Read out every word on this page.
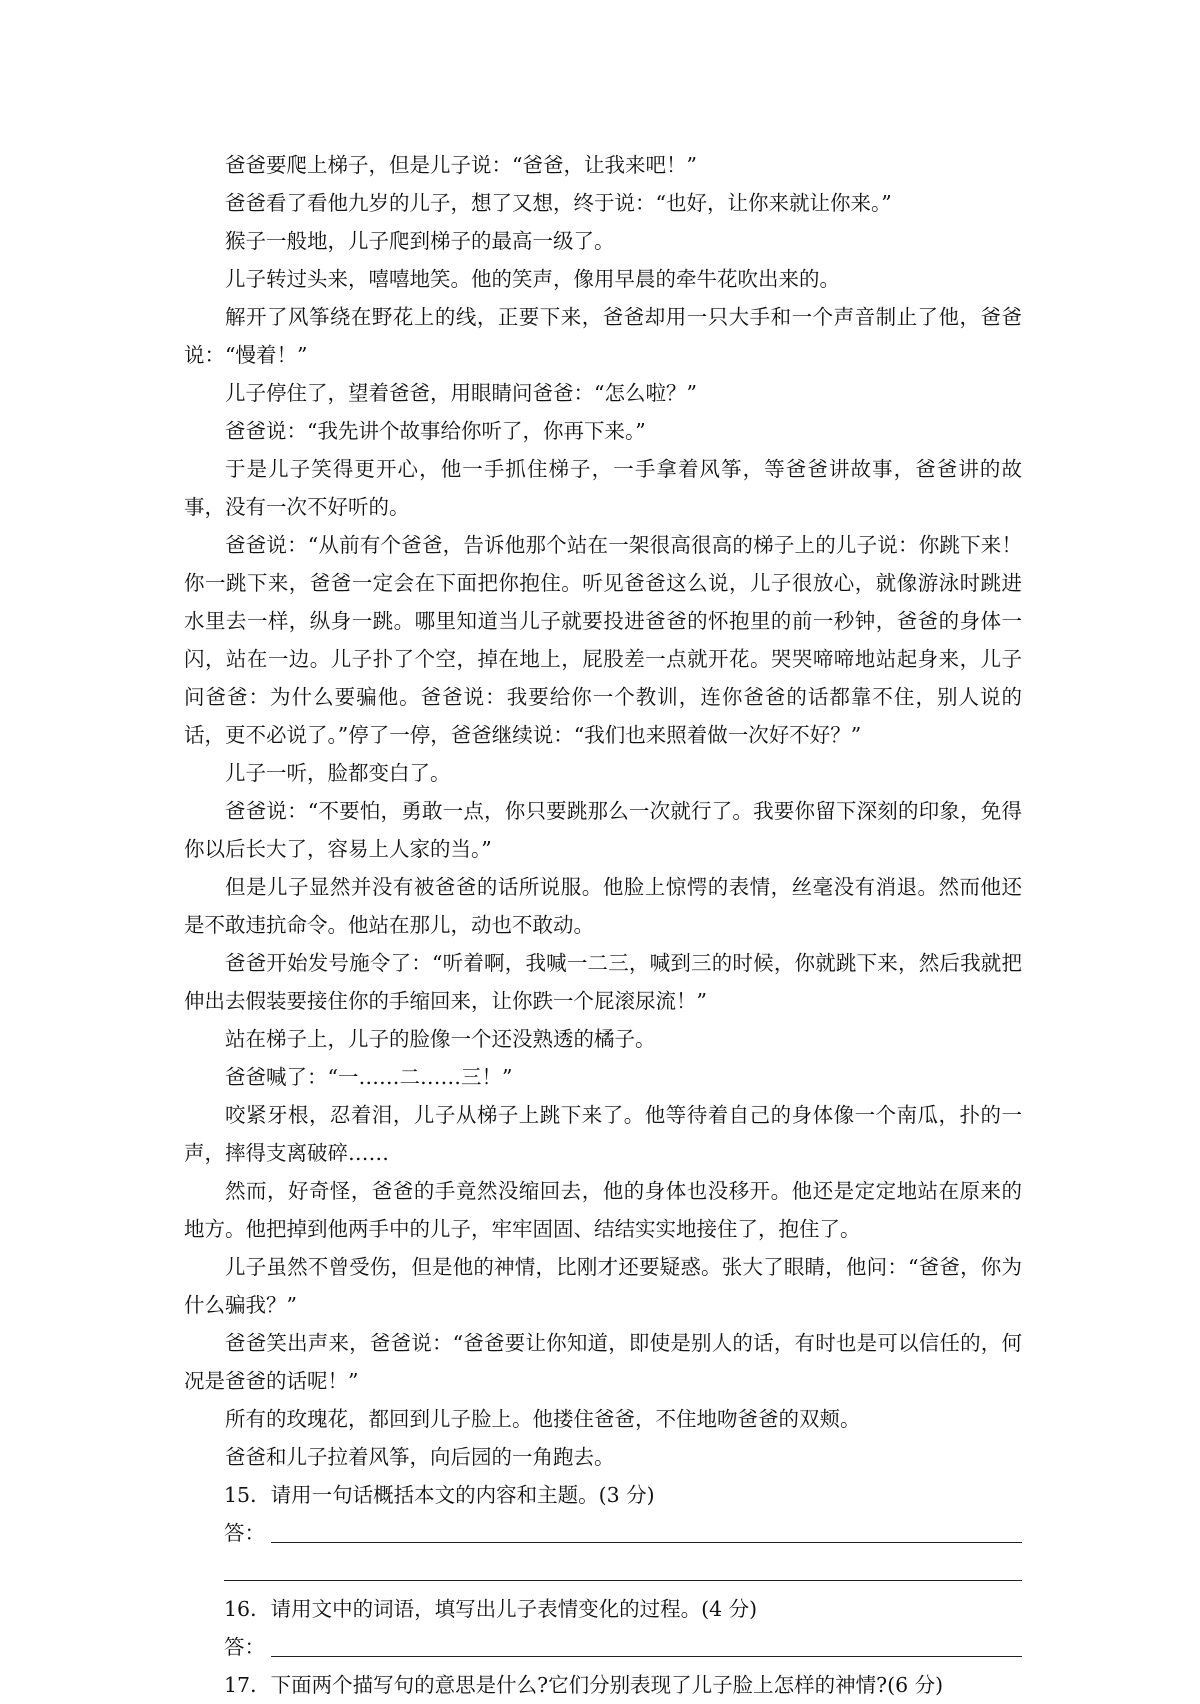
爸爸要爬上梯子，但是儿子说：“爸爸，让我来吧！”

爸爸看了看他九岁的儿子，想了又想，终于说：“也好，让你来就让你来。”

猴子一般地，儿子爬到梯子的最高一级了。

儿子转过头来，嘻嘻地笑。他的笑声，像用早晨的牵牛花吹出来的。

解开了风筝绕在野花上的线，正要下来，爸爸却用一只大手和一个声音制止了他，爸爸说：“慢着！”

儿子停住了，望着爸爸，用眼睛问爸爸：“怎么啦？”

爸爸说：“我先讲个故事给你听了，你再下来。”

于是儿子笑得更开心，他一手抓住梯子，一手拿着风筝，等爸爸讲故事，爸爸讲的故事，没有一次不好听的。

爸爸说：“从前有个爸爸，告诉他那个站在一架很高很高的梯子上的儿子说：你跳下来！你一跳下来，爸爸一定会在下面把你抱住。听见爸爸这么说，儿子很放心，就像游泳时跳进水里去一样，纵身一跳。哪里知道当儿子就要投进爸爸的怀抱里的前一秒钟，爸爸的身体一闪，站在一边。儿子扑了个空，掉在地上，屁股差一点就开花。哭哭啼啼地站起身来，儿子问爸爸：为什么要骗他。爸爸说：我要给你一个教训，连你爸爸的话都靠不住，别人说的话，更不必说了。”停了一停，爸爸继续说：“我们也来照着做一次好不好？”

儿子一听，脸都变白了。

爸爸说：“不要怕，勇敢一点，你只要跳那么一次就行了。我要你留下深刻的印象，免得你以后长大了，容易上人家的当。”

但是儿子显然并没有被爸爸的话所说服。他脸上惊愕的表情，丝毫没有消退。然而他还是不敢违抗命令。他站在那儿，动也不敢动。

爸爸开始发号施令了：“听着啊，我喊一二三，喊到三的时候，你就跳下来，然后我就把伸出去假装要接住你的手缩回来，让你跌一个屁滚尿流！”

站在梯子上，儿子的脸像一个还没熟透的橘子。

爸爸喊了：“一……二……三！”

咬紧牙根，忍着泪，儿子从梯子上跳下来了。他等待着自己的身体像一个南瓜，扑的一声，摔得支离破碎……

然而，好奇怪，爸爸的手竟然没缩回去，他的身体也没移开。他还是定定地站在原来的地方。他把掉到他两手中的儿子，牢牢固固、结结实实地接住了，抱住了。

儿子虽然不曾受伤，但是他的神情，比刚才还要疑惑。张大了眼睛，他问：“爸爸，你为什么骗我？”

爸爸笑出声来，爸爸说：“爸爸要让你知道，即使是别人的话，有时也是可以信任的，何况是爸爸的话呢！”

所有的玫瑰花，都回到儿子脸上。他搂住爸爸，不住地吻爸爸的双颊。

爸爸和儿子拉着风筝，向后园的一角跑去。

15．请用一句话概括本文的内容和主题。(3 分)

答：

16．请用文中的词语，填写出儿子表情变化的过程。(4 分)

答：

17．下面两个描写句的意思是什么?它们分别表现了儿子脸上怎样的神情?(6 分)
